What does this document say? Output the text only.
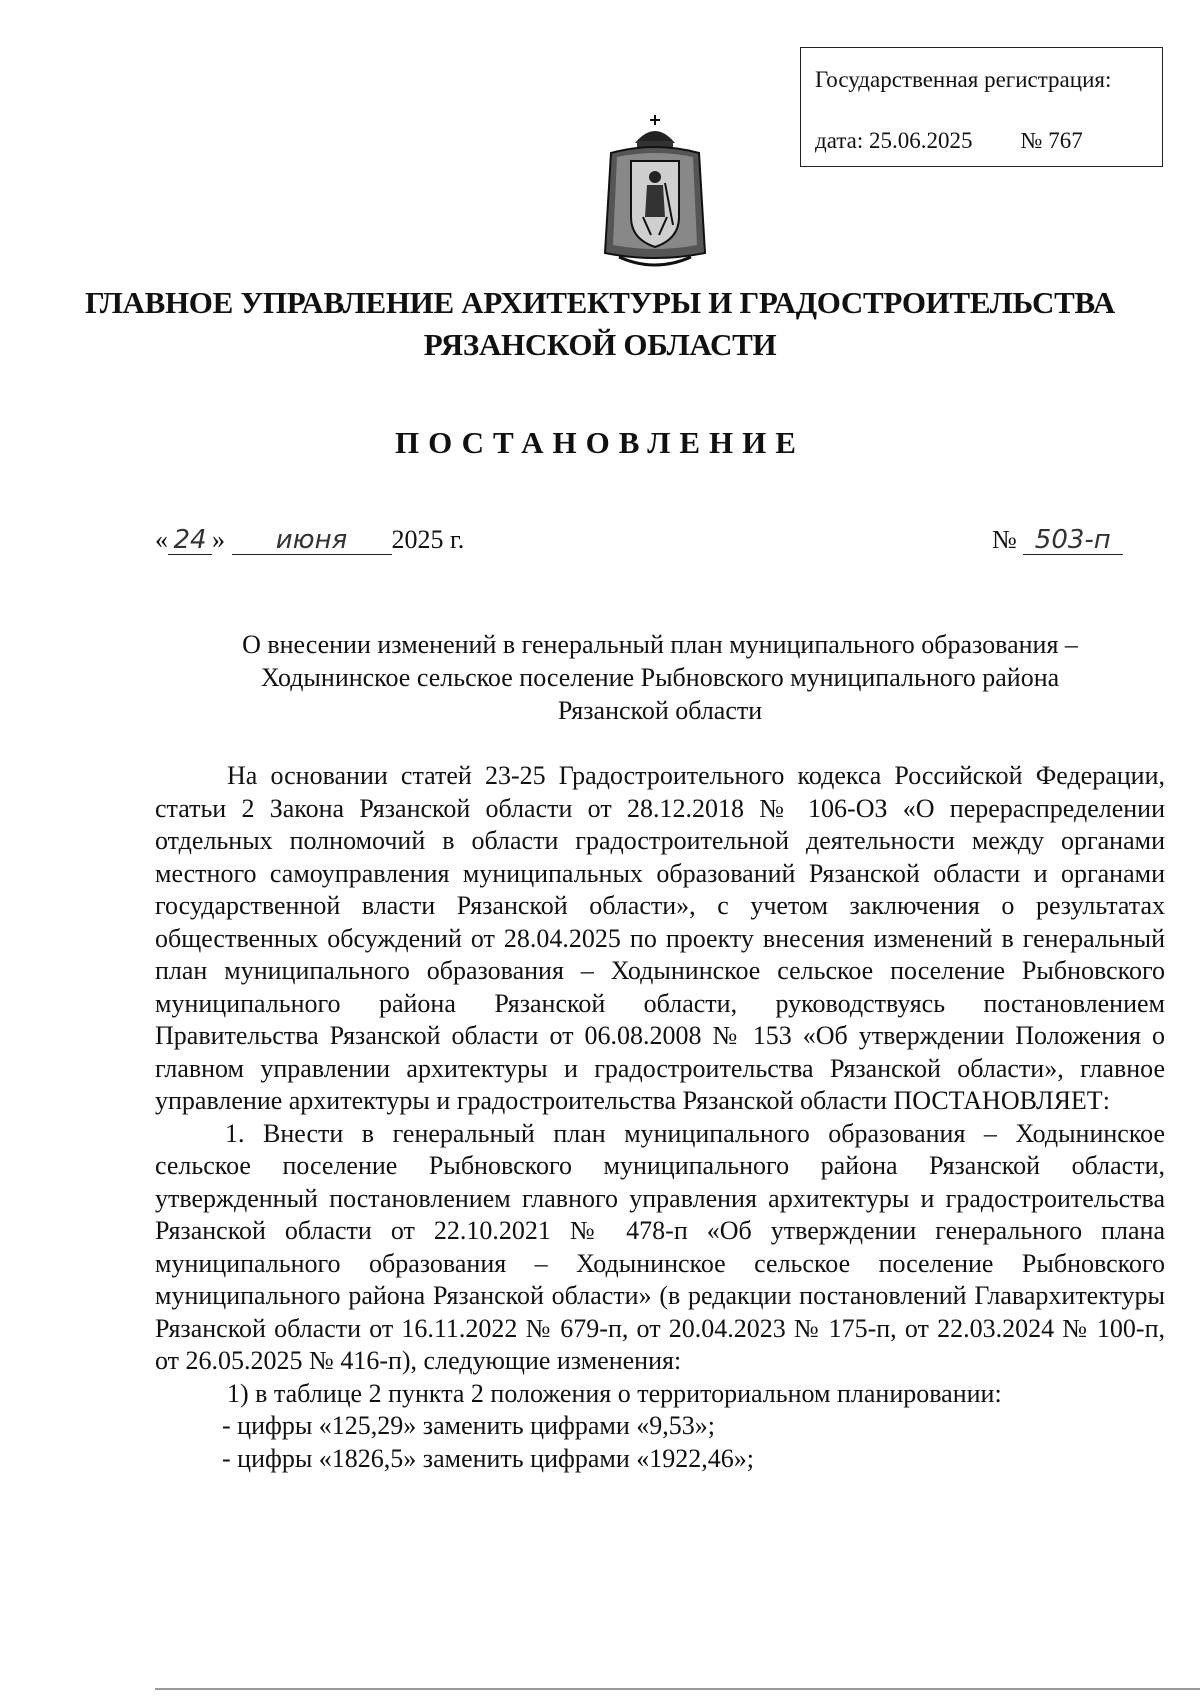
Государственная регистрация:
дата: 25.06.2025 № 767
ГЛАВНОЕ УПРАВЛЕНИЕ АРХИТЕКТУРЫ И ГРАДОСТРОИТЕЛЬСТВА
РЯЗАНСКОЙ ОБЛАСТИ
ПОСТАНОВЛЕНИЕ
« 24 » июня 2025 г.	№ 503-п
О внесении изменений в генеральный план муниципального образования –
Ходынинское сельское поселение Рыбновского муниципального района
Рязанской области

На основании статей 23-25 Градостроительного кодекса Российской Федерации, статьи 2 Закона Рязанской области от 28.12.2018 № 106-ОЗ «О перераспределении отдельных полномочий в области градостроительной деятельности между органами местного самоуправления муниципальных образований Рязанской области и органами государственной власти Рязанской области», с учетом заключения о результатах общественных обсуждений от 28.04.2025 по проекту внесения изменений в генеральный план муниципального образования – Ходынинское сельское поселение Рыбновского муниципального района Рязанской области, руководствуясь постановлением Правительства Рязанской области от 06.08.2008 № 153 «Об утверждении Положения о главном управлении архитектуры и градостроительства Рязанской области», главное управление архитектуры и градостроительства Рязанской области ПОСТАНОВЛЯЕТ:

1. Внести в генеральный план муниципального образования – Ходынинское сельское поселение Рыбновского муниципального района Рязанской области, утвержденный постановлением главного управления архитектуры и градостроительства Рязанской области от 22.10.2021 № 478-п «Об утверждении генерального плана муниципального образования – Ходынинское сельское поселение Рыбновского муниципального района Рязанской области» (в редакции постановлений Главархитектуры Рязанской области от 16.11.2022 № 679-п, от 20.04.2023 № 175-п, от 22.03.2024 № 100-п, от 26.05.2025 № 416-п), следующие изменения:

1) в таблице 2 пункта 2 положения о территориальном планировании:

- цифры «125,29» заменить цифрами «9,53»;

- цифры «1826,5» заменить цифрами «1922,46»;
